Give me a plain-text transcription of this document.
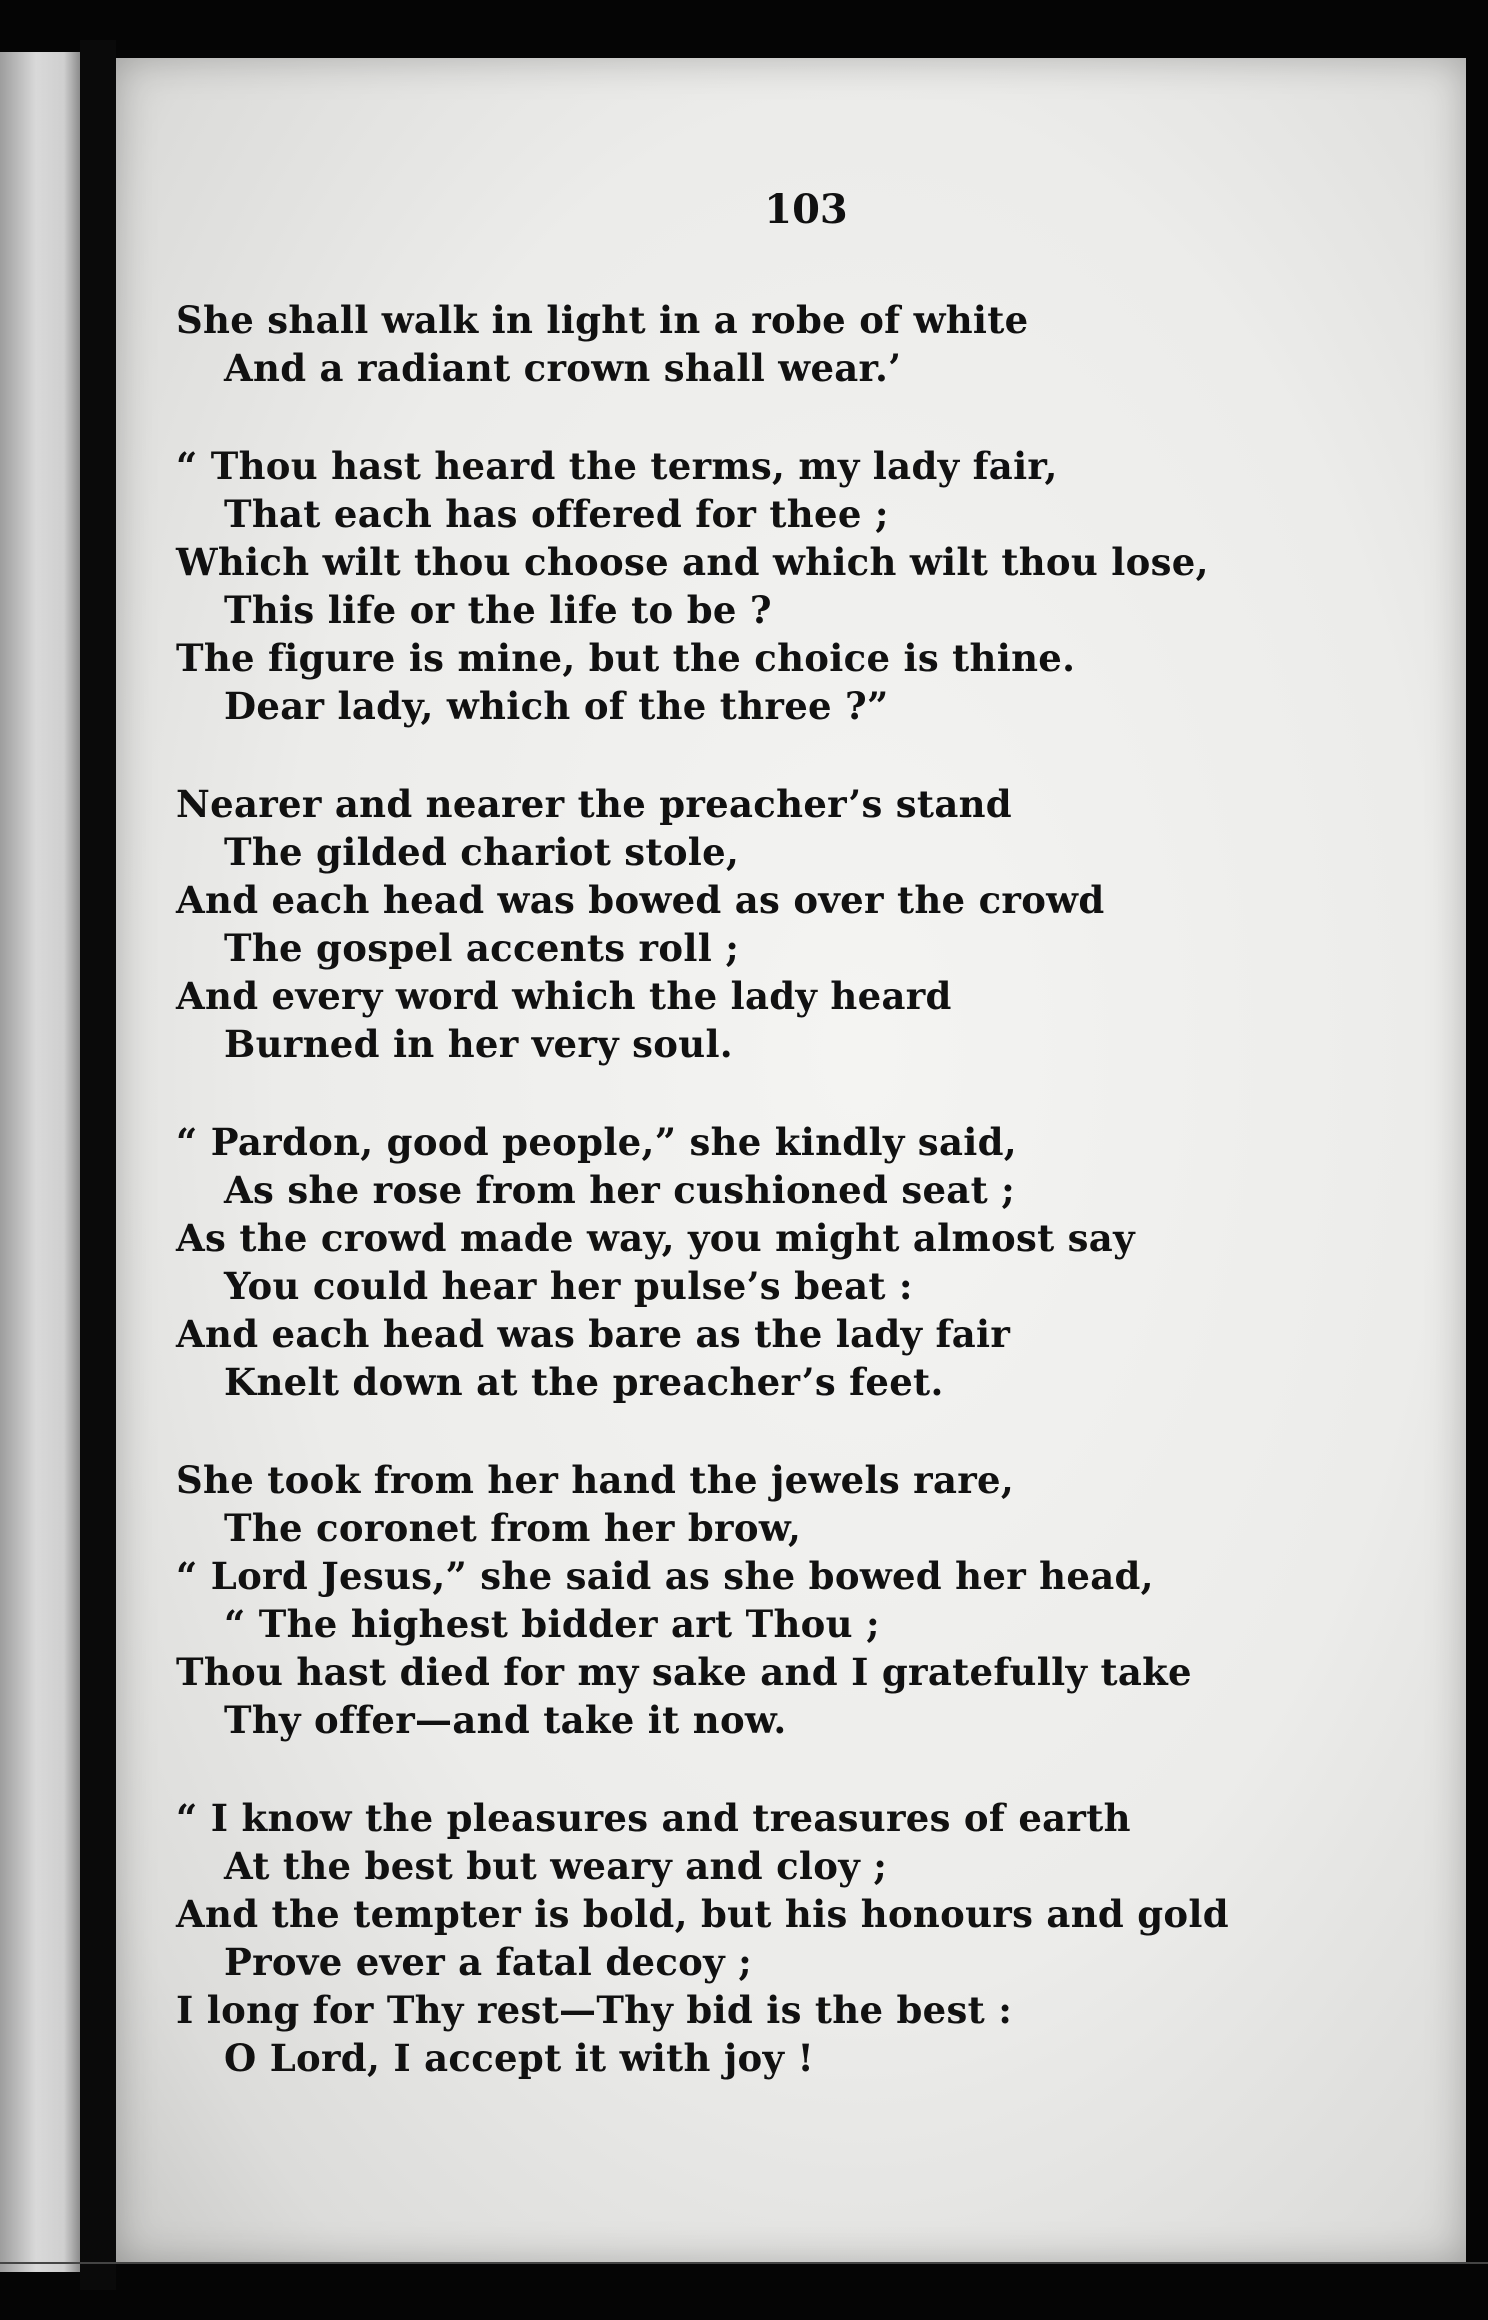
103
She shall walk in light in a robe of white
And a radiant crown shall wear.’
“ Thou hast heard the terms, my lady fair,
That each has offered for thee ;
Which wilt thou choose and which wilt thou lose,
This life or the life to be ?
The figure is mine, but the choice is thine.
Dear lady, which of the three ?”
Nearer and nearer the preacher’s stand
The gilded chariot stole,
And each head was bowed as over the crowd
The gospel accents roll ;
And every word which the lady heard
Burned in her very soul.
“ Pardon, good people,” she kindly said,
As she rose from her cushioned seat ;
As the crowd made way, you might almost say
You could hear her pulse’s beat :
And each head was bare as the lady fair
Knelt down at the preacher’s feet.
She took from her hand the jewels rare,
The coronet from her brow,
“ Lord Jesus,” she said as she bowed her head,
“ The highest bidder art Thou ;
Thou hast died for my sake and I gratefully take
Thy offer—and take it now.
“ I know the pleasures and treasures of earth
At the best but weary and cloy ;
And the tempter is bold, but his honours and gold
Prove ever a fatal decoy ;
I long for Thy rest—Thy bid is the best :
O Lord, I accept it with joy !
